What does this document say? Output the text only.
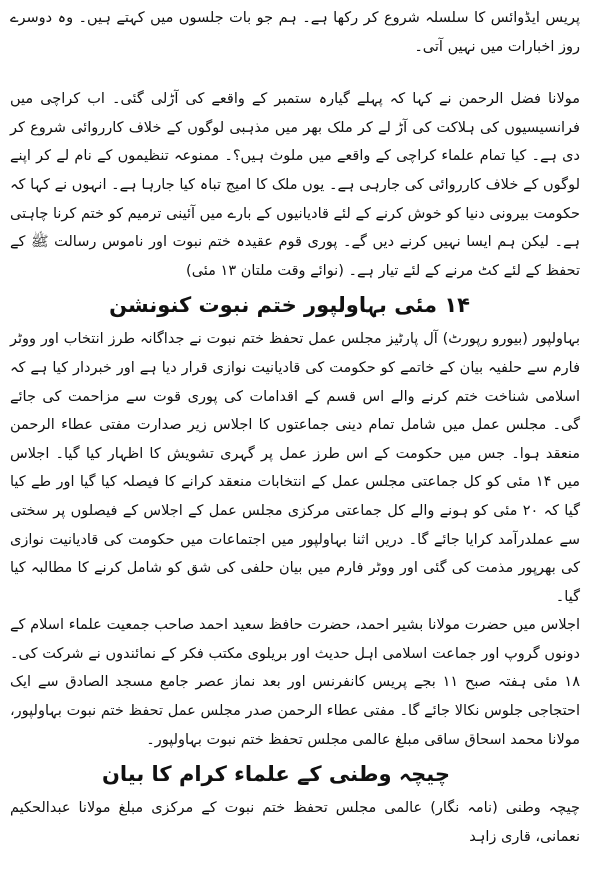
پریس ایڈوائس کا سلسلہ شروع کر رکھا ہے۔ ہم جو بات جلسوں میں کہتے ہیں۔ وہ دوسرے روز اخبارات میں نہیں آتی۔

مولانا فضل الرحمن نے کہا کہ پہلے گیارہ ستمبر کے واقعے کی آڑلی گئی۔ اب کراچی میں فرانسیسیوں کی ہلاکت کی آڑ لے کر ملک بھر میں مذہبی لوگوں کے خلاف کارروائی شروع کر دی ہے۔ کیا تمام علماء کراچی کے واقعے میں ملوث ہیں؟۔ ممنوعہ تنظیموں کے نام لے کر اپنے لوگوں کے خلاف کارروائی کی جارہی ہے۔ یوں ملک کا امیج تباہ کیا جارہا ہے۔ انہوں نے کہا کہ حکومت بیرونی دنیا کو خوش کرنے کے لئے قادیانیوں کے بارے میں آئینی ترمیم کو ختم کرنا چاہتی ہے۔ لیکن ہم ایسا نہیں کرنے دیں گے۔ پوری قوم عقیدہ ختم نبوت اور ناموس رسالت ﷺ کے تحفظ کے لئے کٹ مرنے کے لئے تیار ہے۔ (نوائے وقت ملتان ۱۳ مئی)

۱۴ مئی بہاولپور ختم نبوت کنونشن

بہاولپور (بیورو رپورٹ) آل پارٹیز مجلس عمل تحفظ ختم نبوت نے جداگانہ طرز انتخاب اور ووٹر فارم سے حلفیہ بیان کے خاتمے کو حکومت کی قادیانیت نوازی قرار دیا ہے اور خبردار کیا ہے کہ اسلامی شناخت ختم کرنے والے اس قسم کے اقدامات کی پوری قوت سے مزاحمت کی جائے گی۔ مجلس عمل میں شامل تمام دینی جماعتوں کا اجلاس زیر صدارت مفتی عطاء الرحمن منعقد ہوا۔ جس میں حکومت کے اس طرز عمل پر گہری تشویش کا اظہار کیا گیا۔ اجلاس میں ۱۴ مئی کو کل جماعتی مجلس عمل کے انتخابات منعقد کرانے کا فیصلہ کیا گیا اور طے کیا گیا کہ ۲۰ مئی کو ہونے والے کل جماعتی مرکزی مجلس عمل کے اجلاس کے فیصلوں پر سختی سے عملدرآمد کرایا جائے گا۔ دریں اثنا بہاولپور میں اجتماعات میں حکومت کی قادیانیت نوازی کی بھرپور مذمت کی گئی اور ووٹر فارم میں بیان حلفی کی شق کو شامل کرنے کا مطالبہ کیا گیا۔

اجلاس میں حضرت مولانا بشیر احمد، حضرت حافظ سعید احمد صاحب جمعیت علماء اسلام کے دونوں گروپ اور جماعت اسلامی اہل حدیث اور بریلوی مکتب فکر کے نمائندوں نے شرکت کی۔ ۱۸ مئی ہفتہ صبح ۱۱ بجے پریس کانفرنس اور بعد نماز عصر جامع مسجد الصادق سے ایک احتجاجی جلوس نکالا جائے گا۔ مفتی عطاء الرحمن صدر مجلس عمل تحفظ ختم نبوت بہاولپور، مولانا محمد اسحاق ساقی مبلغ عالمی مجلس تحفظ ختم نبوت بہاولپور۔

چیچہ وطنی کے علماء کرام کا بیان

چیچہ وطنی (نامہ نگار) عالمی مجلس تحفظ ختم نبوت کے مرکزی مبلغ مولانا عبدالحکیم نعمانی، قاری زاہد
